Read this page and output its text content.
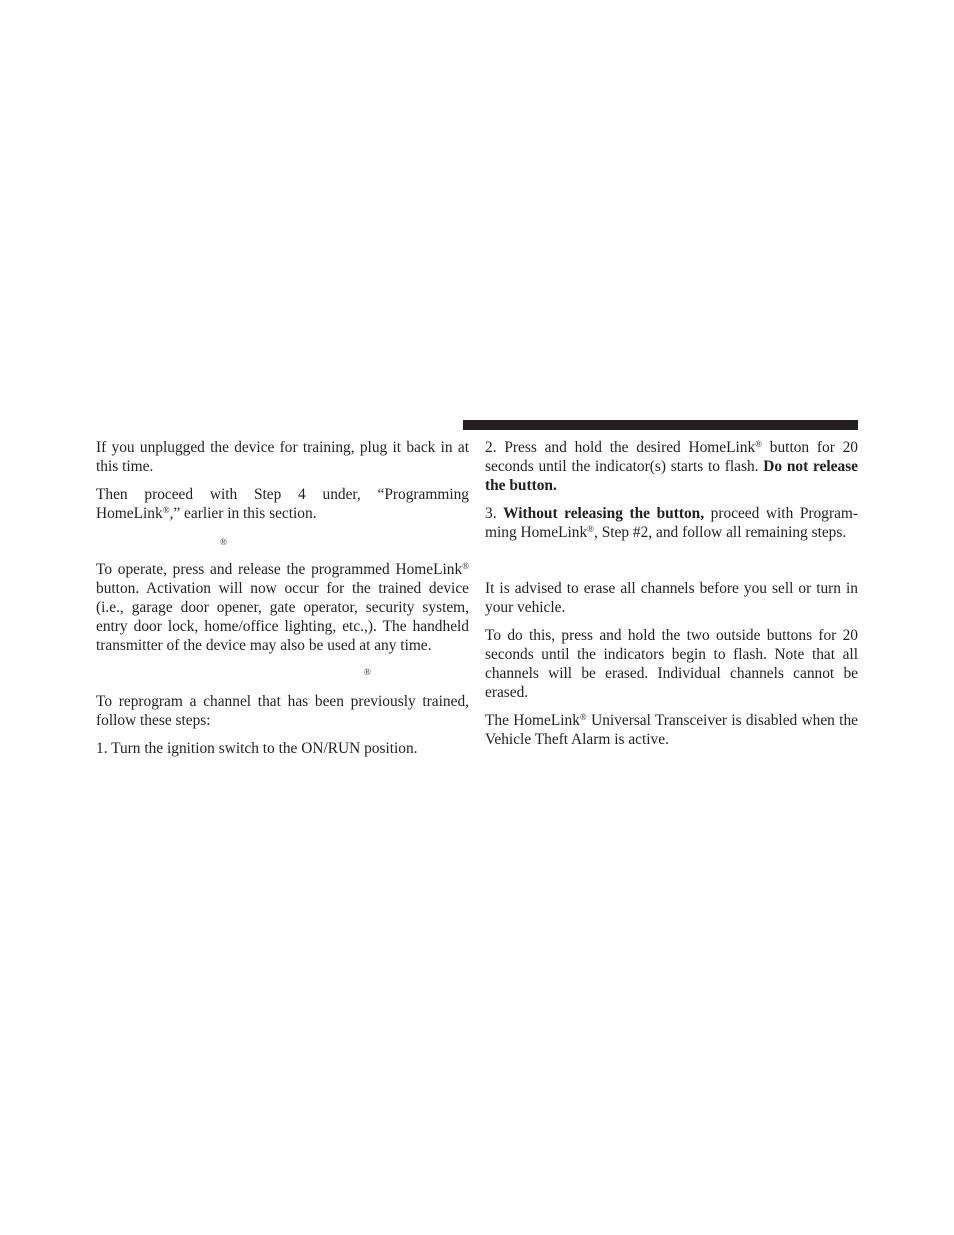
If you unplugged the device for training, plug it back in at this time.

Then proceed with Step 4 under, “Programming HomeLink®,” earlier in this section.

®

To operate, press and release the programmed HomeLink® button. Activation will now occur for the trained device (i.e., garage door opener, gate operator, security system, entry door lock, home/office lighting, etc.,). The handheld transmitter of the device may also be used at any time.

®

To reprogram a channel that has been previously trained, follow these steps:

1. Turn the ignition switch to the ON/RUN position.

2. Press and hold the desired HomeLink® button for 20 seconds until the indicator(s) starts to flash. Do not release the button.

3. Without releasing the button, proceed with Program-ming HomeLink®, Step #2, and follow all remaining steps.

It is advised to erase all channels before you sell or turn in your vehicle.

To do this, press and hold the two outside buttons for 20 seconds until the indicators begin to flash. Note that all channels will be erased. Individual channels cannot be erased.

The HomeLink® Universal Transceiver is disabled when the Vehicle Theft Alarm is active.
